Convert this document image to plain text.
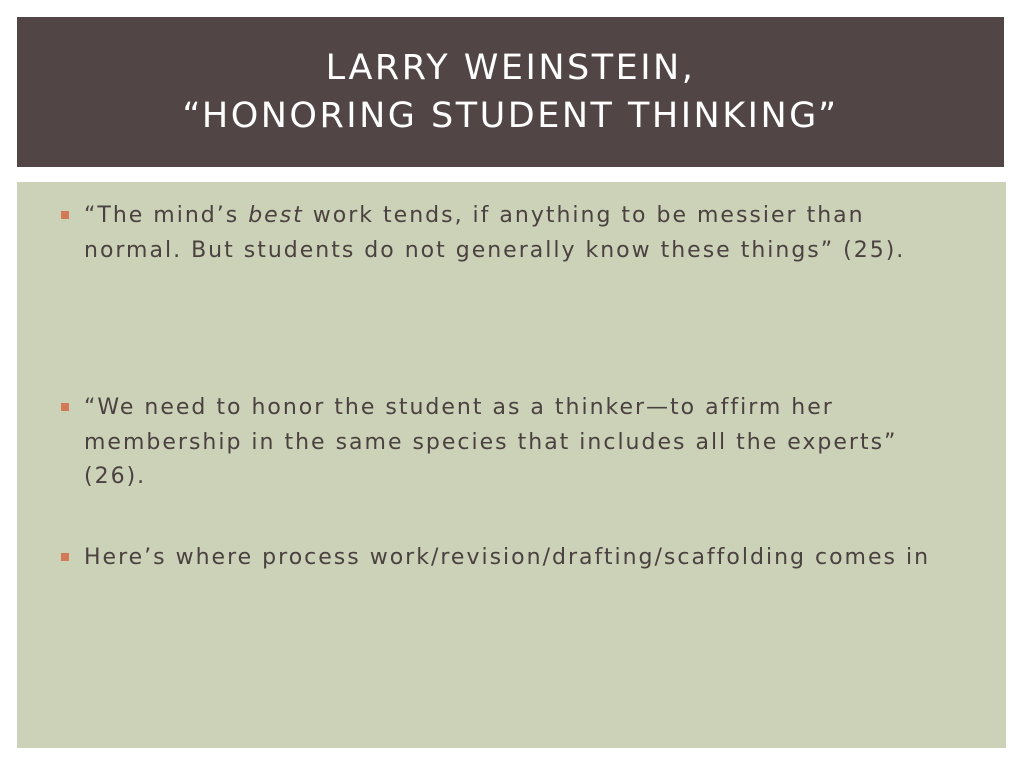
LARRY WEINSTEIN,
“HONORING STUDENT THINKING”
“The mind’s best work tends, if anything to be messier than normal. But students do not generally know these things” (25).
“We need to honor the student as a thinker—to affirm her membership in the same species that includes all the experts” (26).
Here’s where process work/revision/drafting/scaffolding comes in
